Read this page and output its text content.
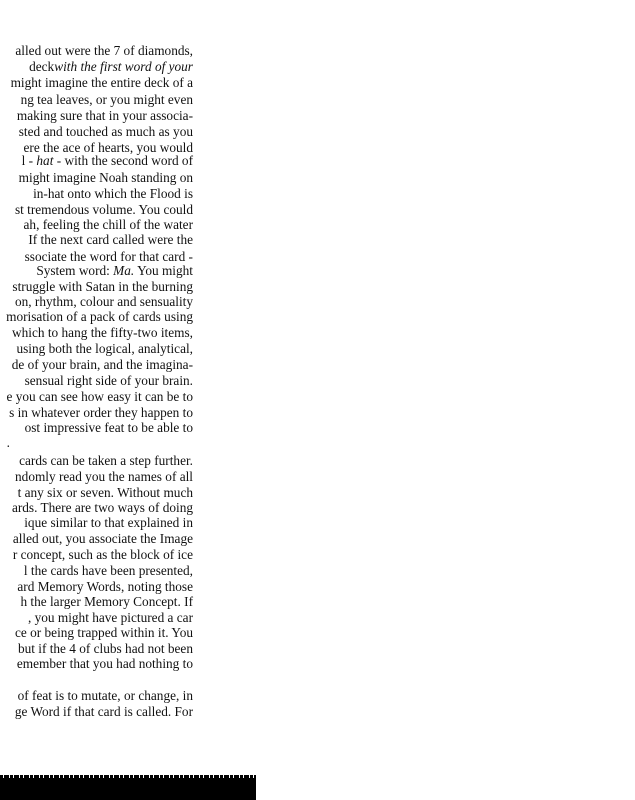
alled out were the 7 of diamonds,
deckwith the first word of your
might imagine the entire deck of a
ng tea leaves, or you might even
making sure that in your associa-
sted and touched as much as you
ere the ace of hearts, you would
l - hat - with the second word of
might imagine Noah standing on
in-hat onto which the Flood is
st tremendous volume. You could
ah, feeling the chill of the water
If the next card called were the
ssociate the word for that card -
System word: Ma. You might
struggle with Satan in the burning
on, rhythm, colour and sensuality
morisation of a pack of cards using
which to hang the fifty-two items,
using both the logical, analytical,
de of your brain, and the imagina-
sensual right side of your brain.
e you can see how easy it can be to
s in whatever order they happen to
ost impressive feat to be able to
.
cards can be taken a step further.
ndomly read you the names of all
t any six or seven. Without much
ards. There are two ways of doing
ique similar to that explained in
alled out, you associate the Image
r concept, such as the block of ice
l the cards have been presented,
ard Memory Words, noting those
h the larger Memory Concept. If
, you might have pictured a car
ce or being trapped within it. You
but if the 4 of clubs had not been
emember that you had nothing to
of feat is to mutate, or change, in
ge Word if that card is called. For
